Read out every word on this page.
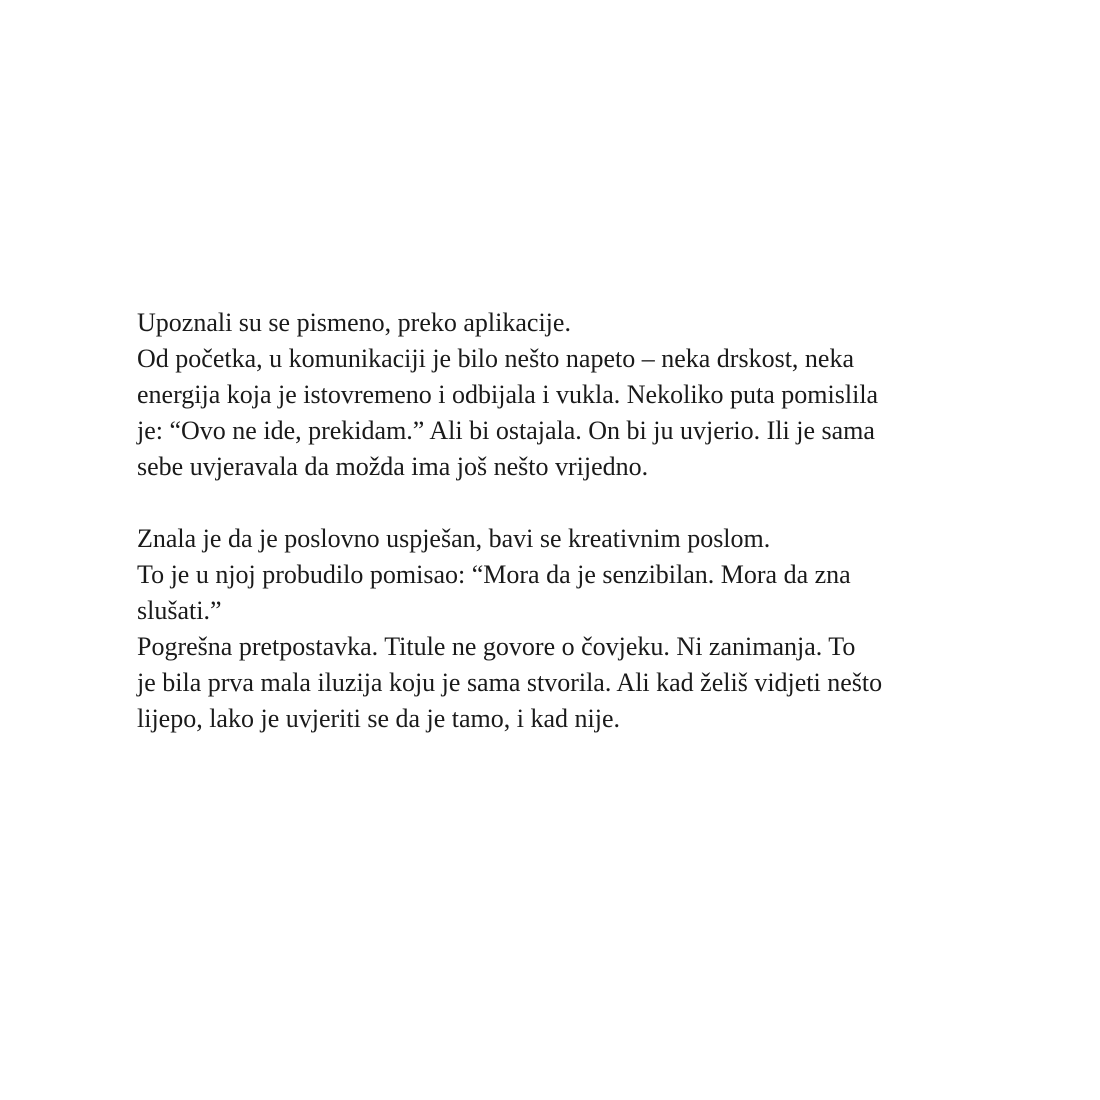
Upoznali su se pismeno, preko aplikacije.
Od početka, u komunikaciji je bilo nešto napeto – neka drskost, neka
energija koja je istovremeno i odbijala i vukla. Nekoliko puta pomislila
je: “Ovo ne ide, prekidam.” Ali bi ostajala. On bi ju uvjerio. Ili je sama
sebe uvjeravala da možda ima još nešto vrijedno.

Znala je da je poslovno uspješan, bavi se kreativnim poslom.
To je u njoj probudilo pomisao: “Mora da je senzibilan. Mora da zna
slušati.”
Pogrešna pretpostavka. Titule ne govore o čovjeku. Ni zanimanja. To
je bila prva mala iluzija koju je sama stvorila. Ali kad želiš vidjeti nešto
lijepo, lako je uvjeriti se da je tamo, i kad nije.
